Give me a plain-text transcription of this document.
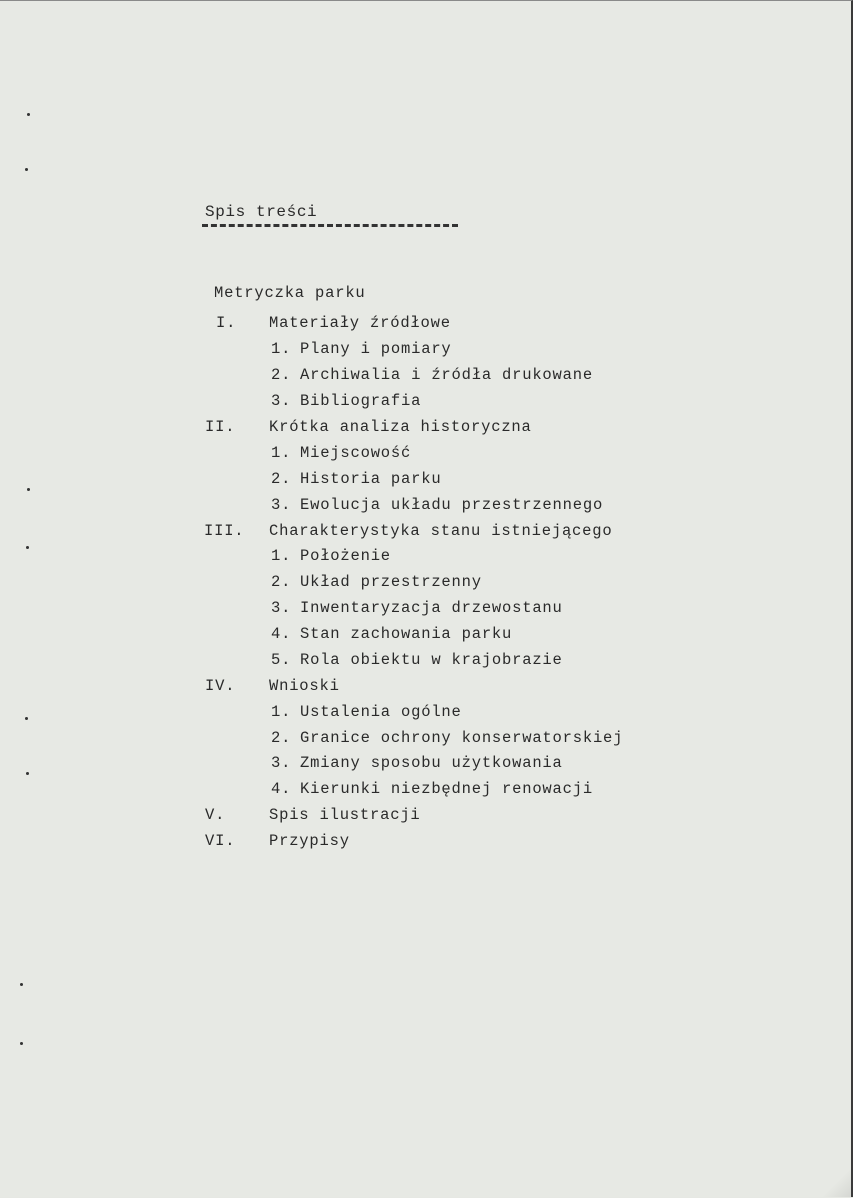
Spis treści
Metryczka parku
I. Materiały źródłowe
1. Plany i pomiary
2. Archiwalia i źródła drukowane
3. Bibliografia
II. Krótka analiza historyczna
1. Miejscowość
2. Historia parku
3. Ewolucja układu przestrzennego
III. Charakterystyka stanu istniejącego
1. Położenie
2. Układ przestrzenny
3. Inwentaryzacja drzewostanu
4. Stan zachowania parku
5. Rola obiektu w krajobrazie
IV. Wnioski
1. Ustalenia ogólne
2. Granice ochrony konserwatorskiej
3. Zmiany sposobu użytkowania
4. Kierunki niezbędnej renowacji
V.	Spis ilustracji
VI. Przypisy
